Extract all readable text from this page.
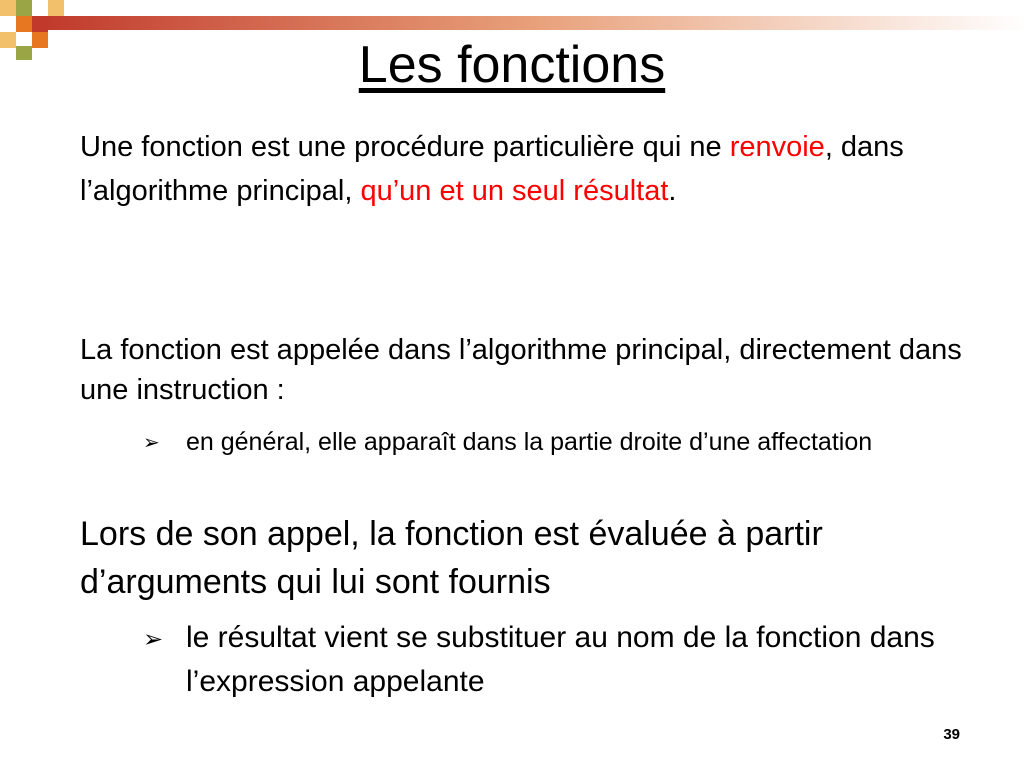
Les fonctions

Une fonction est une procédure particulière qui ne renvoie, dans l’algorithme principal, qu’un et un seul résultat.

La fonction est appelée dans l’algorithme principal, directement dans une instruction :

➢ en général, elle apparaît dans la partie droite d’une affectation

Lors de son appel, la fonction est évaluée à partir d’arguments qui lui sont fournis

➢ le résultat vient se substituer au nom de la fonction dans l’expression appelante
39
